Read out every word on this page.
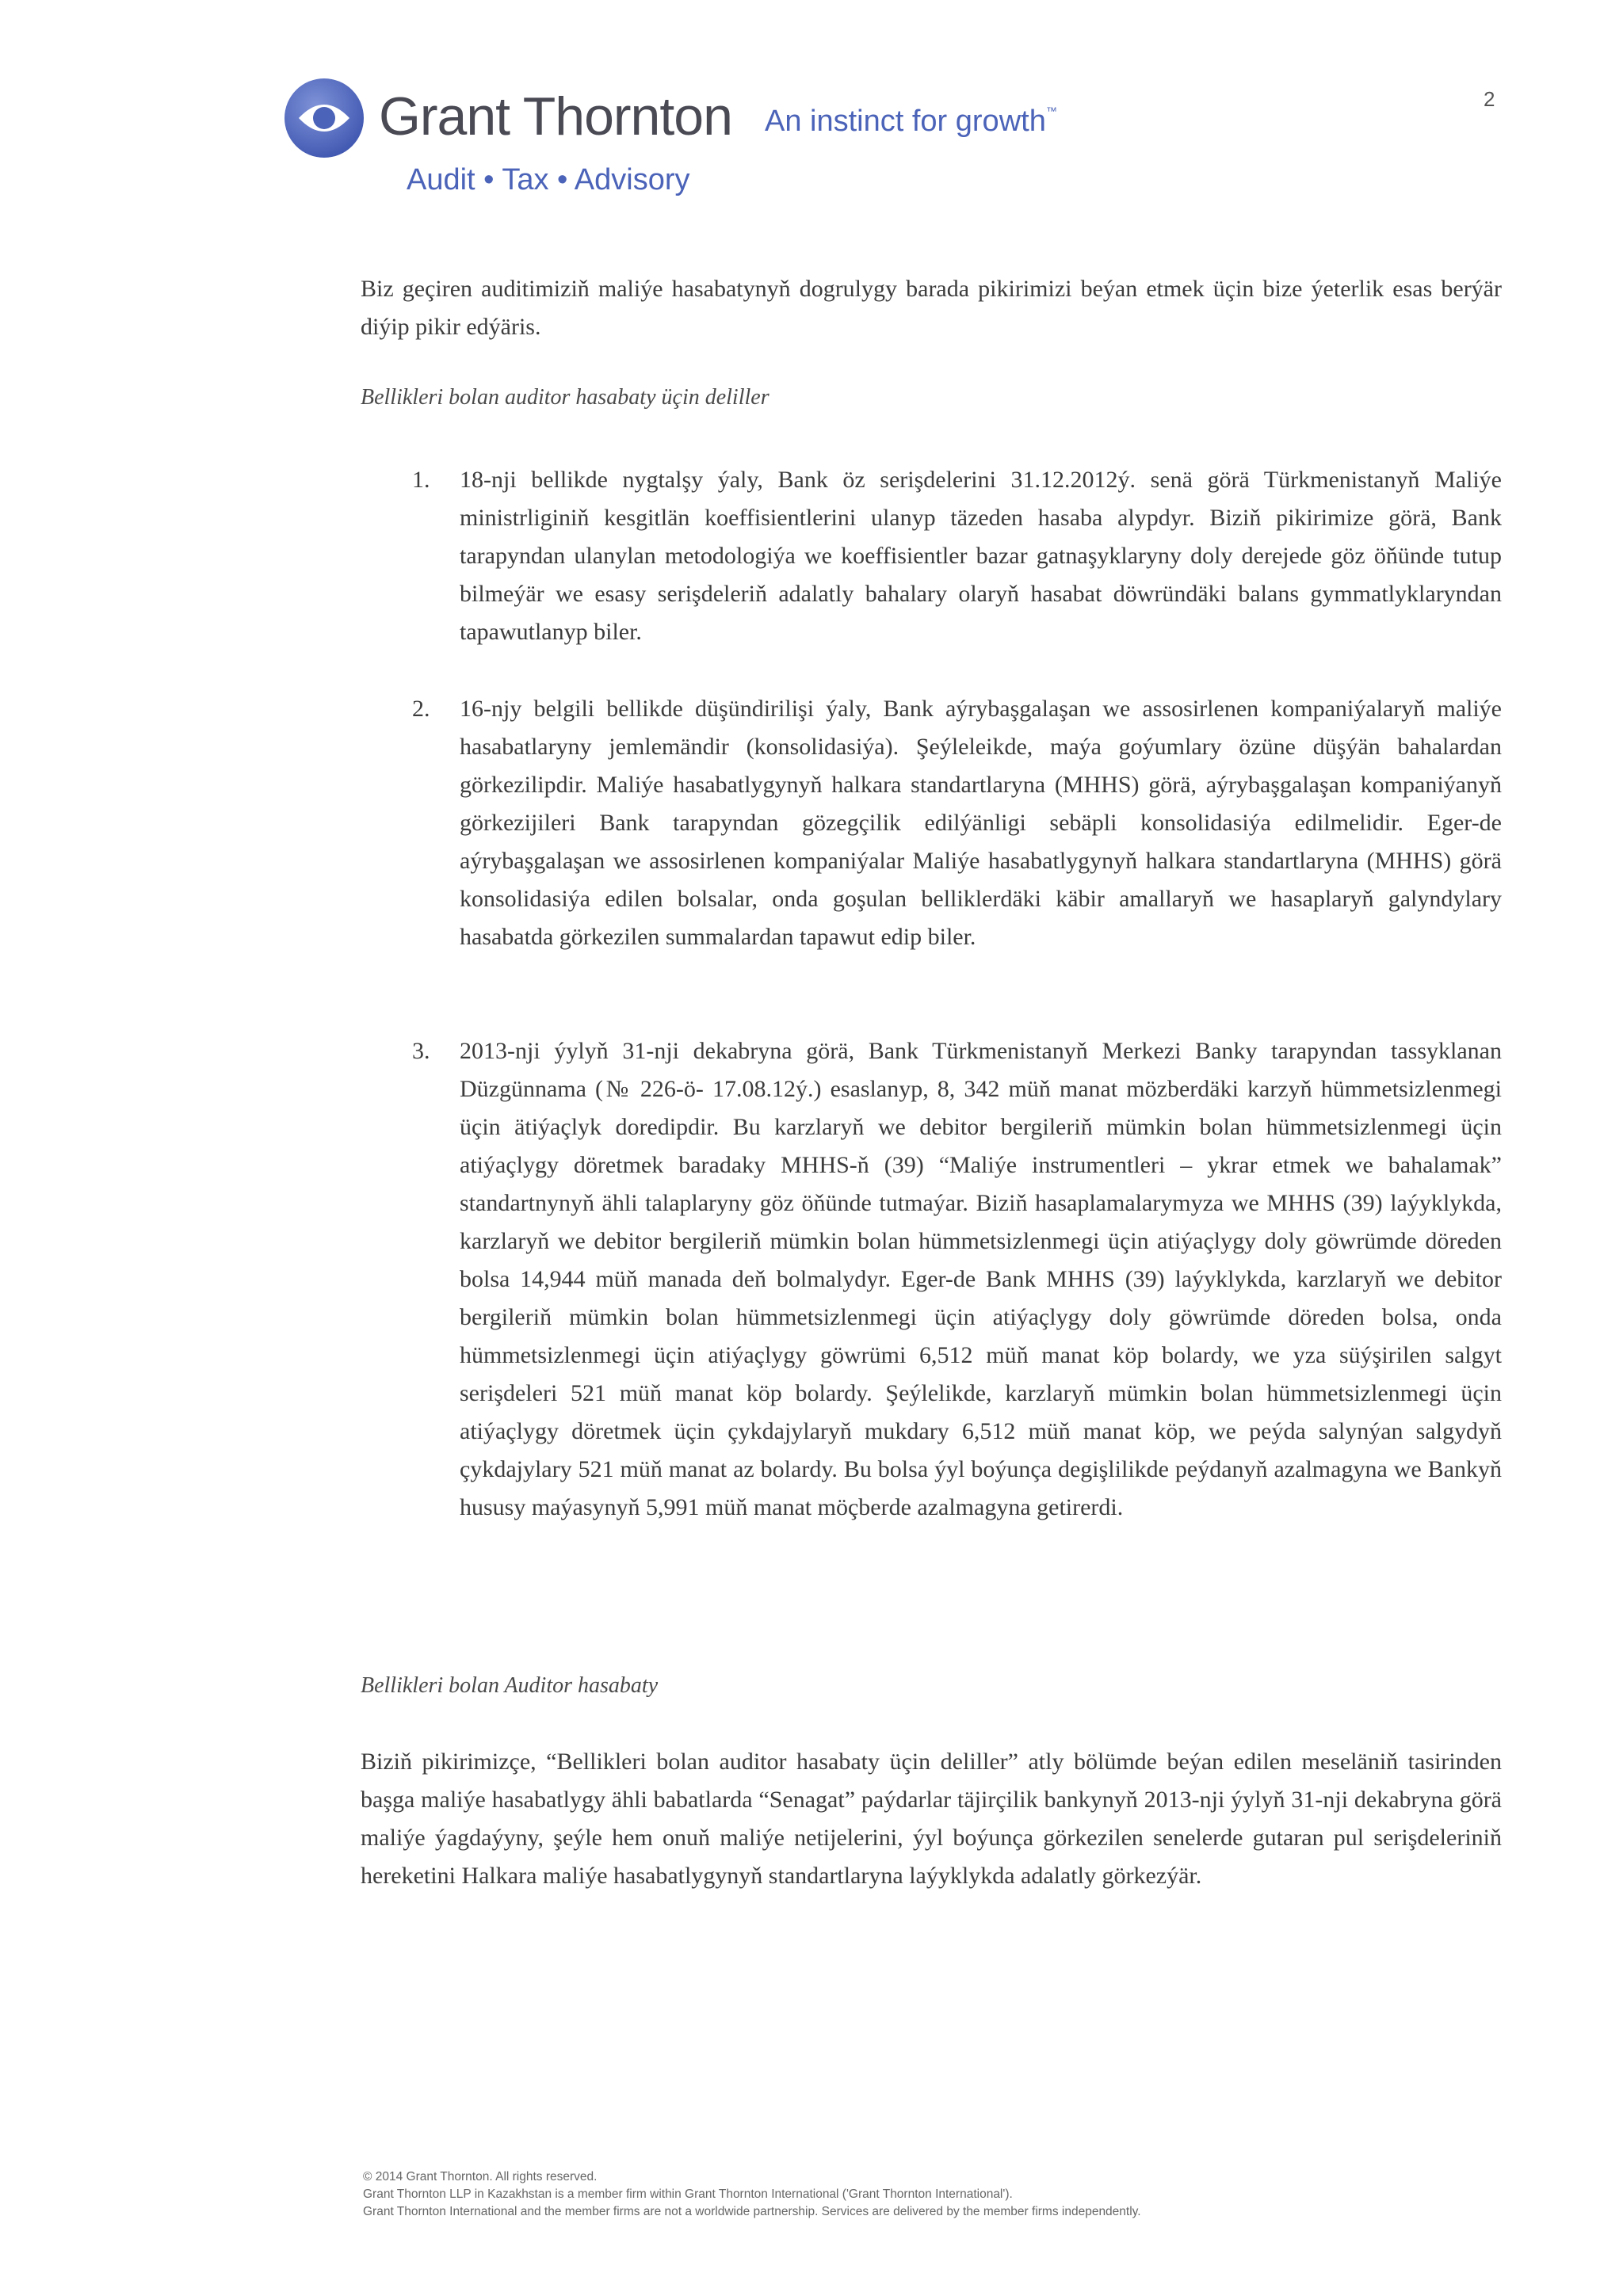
Grant Thornton An instinct for growth™
Audit • Tax • Advisory
2

Biz geçiren auditimiziň maliýe hasabatynyň dogrulygy barada pikirimizi beýan etmek üçin bize ýeterlik esas berýär diýip pikir edýäris.

Bellikleri bolan auditor hasabaty üçin deliller

1. 18-nji bellikde nygtalşy ýaly, Bank öz serişdelerini 31.12.2012ý. senä görä Türkmenistanyň Maliýe ministrliginiň kesgitlän koeffisientlerini ulanyp täzeden hasaba alypdyr. Biziň pikirimize görä, Bank tarapyndan ulanylan metodologiýa we koeffisientler bazar gatnaşyklaryny doly derejede göz öňünde tutup bilmeýär we esasy serişdeleriň adalatly bahalary olaryň hasabat döwründäki balans gymmatlyklaryndan tapawutlanyp biler.

2. 16-njy belgili bellikde düşündirilişi ýaly, Bank aýrybaşgalaşan we assosirlenen kompaniýalaryň maliýe hasabatlaryny jemlemändir (konsolidasiýa). Şeýleleikde, maýa goýumlary özüne düşýän bahalardan görkezilipdir. Maliýe hasabatlygynyň halkara standartlaryna (MHHS) görä, aýrybaşgalaşan kompaniýanyň görkezijileri Bank tarapyndan gözegçilik edilýänligi sebäpli konsolidasiýa edilmelidir. Eger-de aýrybaşgalaşan we assosirlenen kompaniýalar Maliýe hasabatlygynyň halkara standartlaryna (MHHS) görä konsolidasiýa edilen bolsalar, onda goşulan belliklerdäki käbir amallaryň we hasaplaryň galyndylary hasabatda görkezilen summalardan tapawut edip biler.

3. 2013-nji ýylyň 31-nji dekabryna görä, Bank Türkmenistanyň Merkezi Banky tarapyndan tassyklanan Düzgünnama (№ 226-ö- 17.08.12ý.) esaslanyp, 8, 342 müň manat mözberdäki karzyň hümmetsizlenmegi üçin ätiýaçlyk doredipdir. Bu karzlaryň we debitor bergileriň mümkin bolan hümmetsizlenmegi üçin atiýaçlygy döretmek baradaky MHHS-ň (39) “Maliýe instrumentleri – ykrar etmek we bahalamak” standartnynyň ähli talaplaryny göz öňünde tutmaýar. Biziň hasaplamalarymyza we MHHS (39) laýyklykda, karzlaryň we debitor bergileriň mümkin bolan hümmetsizlenmegi üçin atiýaçlygy doly göwrümde döreden bolsa 14,944 müň manada deň bolmalydyr. Eger-de Bank MHHS (39) laýyklykda, karzlaryň we debitor bergileriň mümkin bolan hümmetsizlenmegi üçin atiýaçlygy doly göwrümde döreden bolsa, onda hümmetsizlenmegi üçin atiýaçlygy göwrümi 6,512 müň manat köp bolardy, we yza süýşirilen salgyt serişdeleri 521 müň manat köp bolardy. Şeýlelikde, karzlaryň mümkin bolan hümmetsizlenmegi üçin atiýaçlygy döretmek üçin çykdajylaryň mukdary 6,512 müň manat köp, we peýda salynýan salgydyň çykdajylary 521 müň manat az bolardy. Bu bolsa ýyl boýunça degişlilikde peýdanyň azalmagyna we Bankyň hususy maýasynyň 5,991 müň manat möçberde azalmagyna getirerdi.

Bellikleri bolan Auditor hasabaty

Biziň pikirimizçe, “Bellikleri bolan auditor hasabaty üçin deliller” atly bölümde beýan edilen meseläniň tasirinden başga maliýe hasabatlygy ähli babatlarda “Senagat” paýdarlar täjirçilik bankynyň 2013-nji ýylyň 31-nji dekabryna görä maliýe ýagdaýyny, şeýle hem onuň maliýe netijelerini, ýyl boýunça görkezilen senelerde gutaran pul serişdeleriniň hereketini Halkara maliýe hasabatlygynyň standartlaryna laýyklykda adalatly görkezýär.

© 2014 Grant Thornton. All rights reserved.
Grant Thornton LLP in Kazakhstan is a member firm within Grant Thornton International ('Grant Thornton International').
Grant Thornton International and the member firms are not a worldwide partnership. Services are delivered by the member firms independently.
